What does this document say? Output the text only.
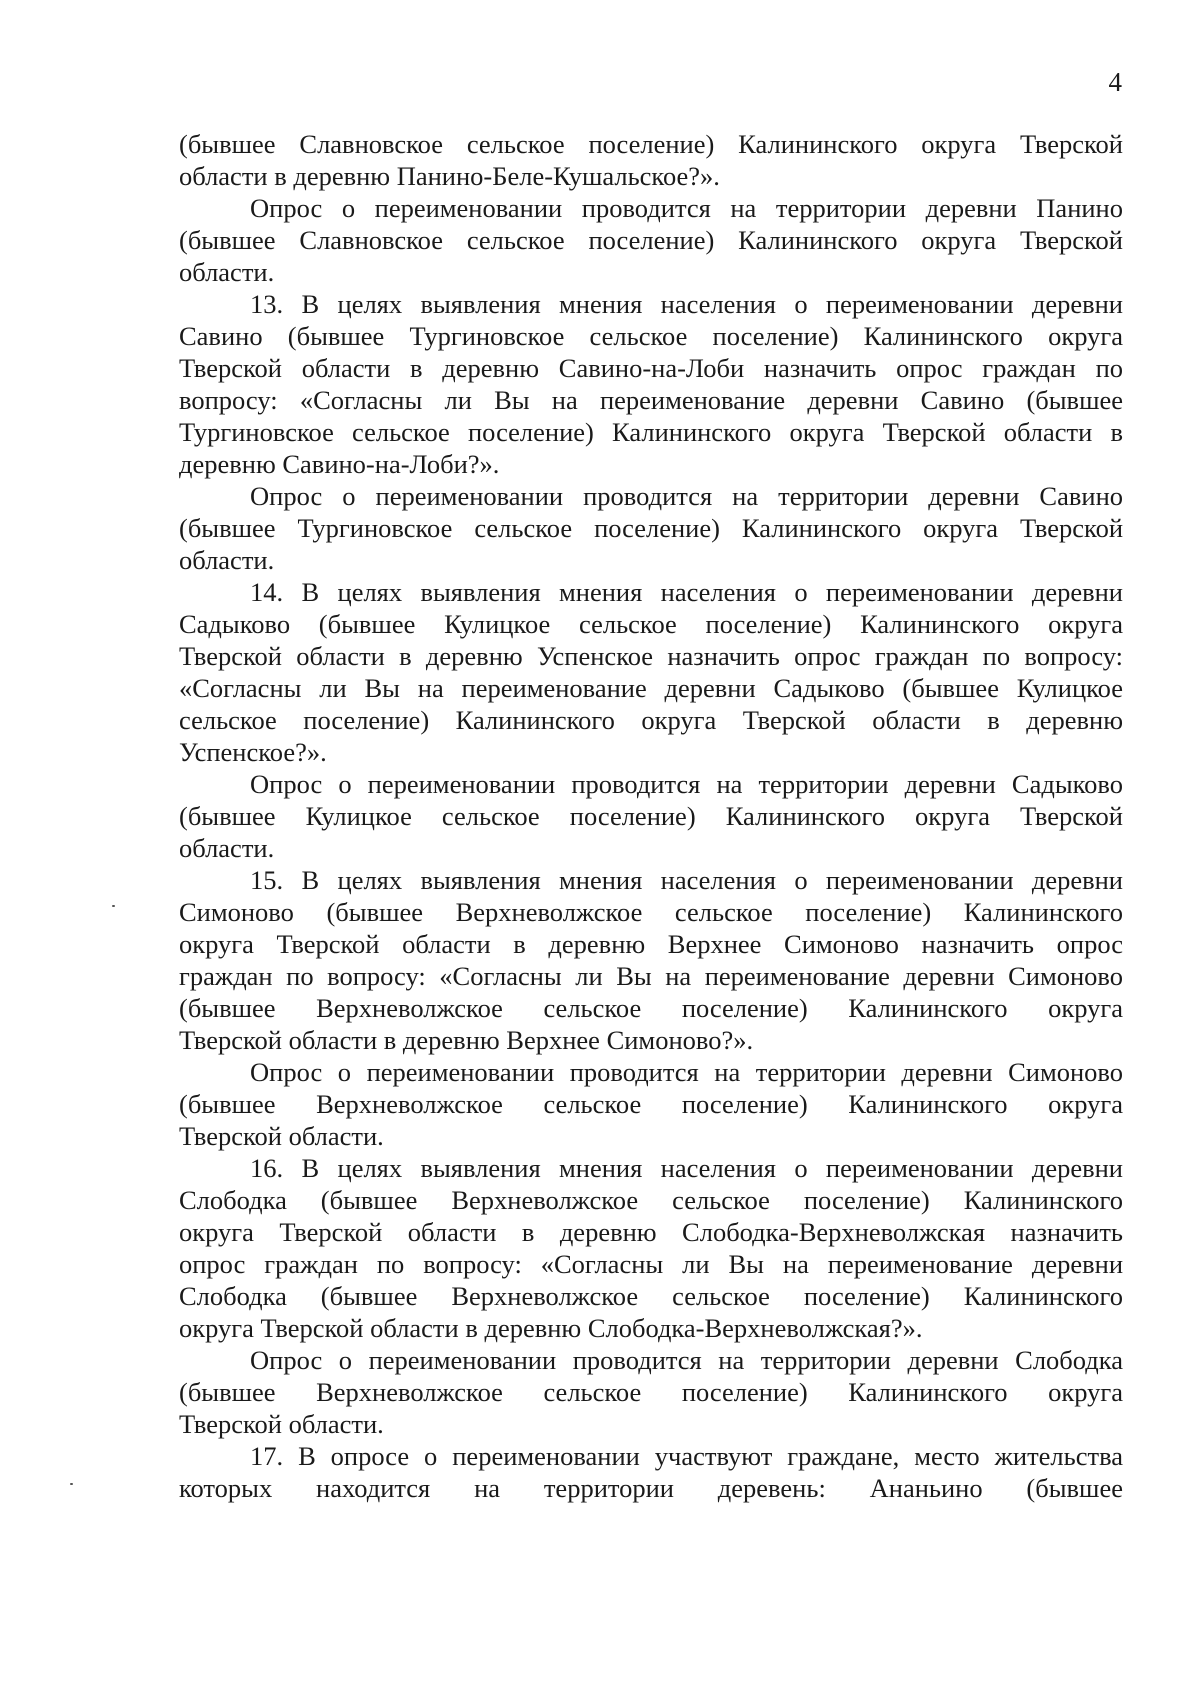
4
(бывшее Славновское сельское поселение) Калининского округа Тверской
области в деревню Панино-Беле-Кушальское?».
Опрос о переименовании проводится на территории деревни Панино
(бывшее Славновское сельское поселение) Калининского округа Тверской
области.
13. В целях выявления мнения населения о переименовании деревни
Савино (бывшее Тургиновское сельское поселение) Калининского округа
Тверской области в деревню Савино-на-Лоби назначить опрос граждан по
вопросу: «Согласны ли Вы на переименование деревни Савино (бывшее
Тургиновское сельское поселение) Калининского округа Тверской области в
деревню Савино-на-Лоби?».
Опрос о переименовании проводится на территории деревни Савино
(бывшее Тургиновское сельское поселение) Калининского округа Тверской
области.
14. В целях выявления мнения населения о переименовании деревни
Садыково (бывшее Кулицкое сельское поселение) Калининского округа
Тверской области в деревню Успенское назначить опрос граждан по вопросу:
«Согласны ли Вы на переименование деревни Садыково (бывшее Кулицкое
сельское поселение) Калининского округа Тверской области в деревню
Успенское?».
Опрос о переименовании проводится на территории деревни Садыково
(бывшее Кулицкое сельское поселение) Калининского округа Тверской
области.
15. В целях выявления мнения населения о переименовании деревни
Симоново (бывшее Верхневолжское сельское поселение) Калининского
округа Тверской области в деревню Верхнее Симоново назначить опрос
граждан по вопросу: «Согласны ли Вы на переименование деревни Симоново
(бывшее Верхневолжское сельское поселение) Калининского округа
Тверской области в деревню Верхнее Симоново?».
Опрос о переименовании проводится на территории деревни Симоново
(бывшее Верхневолжское сельское поселение) Калининского округа
Тверской области.
16. В целях выявления мнения населения о переименовании деревни
Слободка (бывшее Верхневолжское сельское поселение) Калининского
округа Тверской области в деревню Слободка-Верхневолжская назначить
опрос граждан по вопросу: «Согласны ли Вы на переименование деревни
Слободка (бывшее Верхневолжское сельское поселение) Калининского
округа Тверской области в деревню Слободка-Верхневолжская?».
Опрос о переименовании проводится на территории деревни Слободка
(бывшее Верхневолжское сельское поселение) Калининского округа
Тверской области.
17. В опросе о переименовании участвуют граждане, место жительства
которых находится на территории деревень: Ананьино (бывшее
